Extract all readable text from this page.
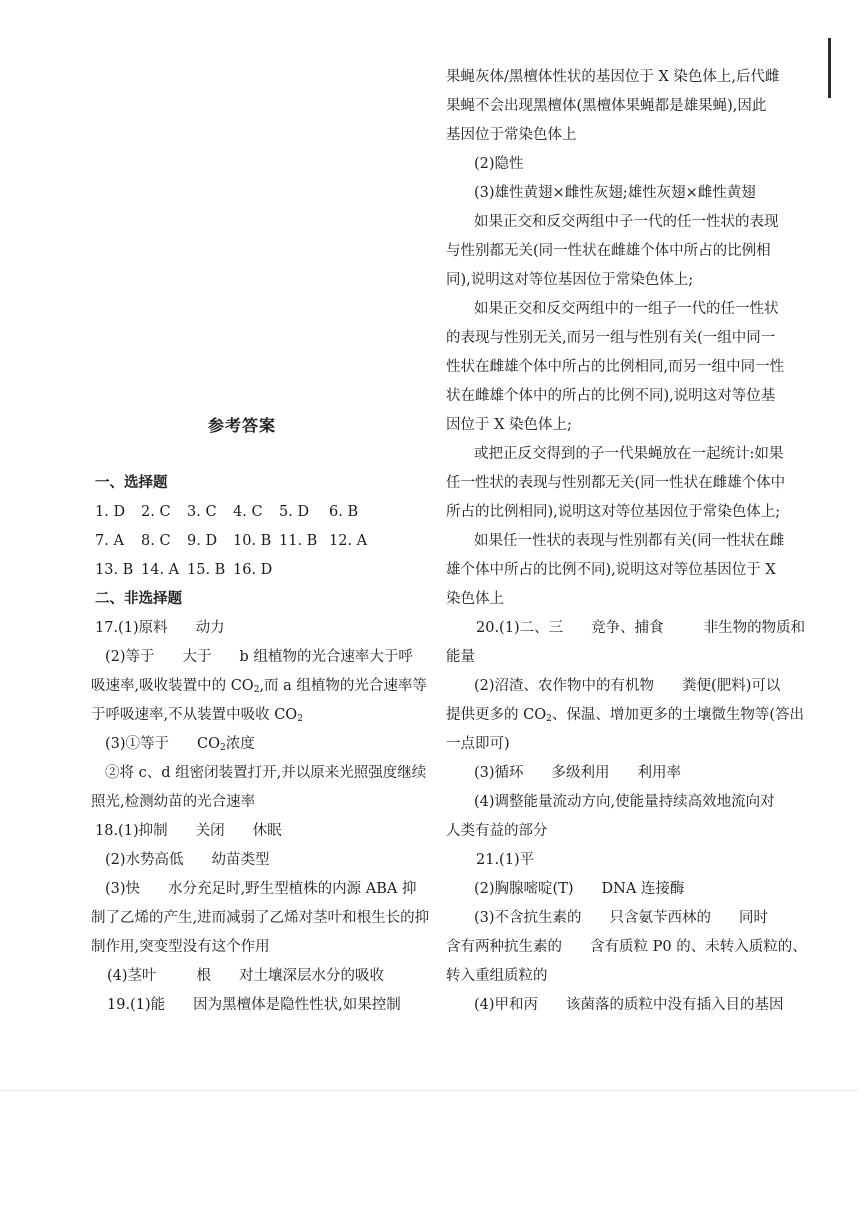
参考答案
一、选择题
1. D 2. C 3. C 4. C 5. D 6. B
7. A 8. C 9. D 10. B 11. B 12. A
13. B 14. A 15. B 16. D
二、非选择题
17.(1)原料 动力
(2)等于 大于 b 组植物的光合速率大于呼
吸速率,吸收装置中的 $CO_2$,而 a 组植物的光合速率等
于呼吸速率,不从装置中吸收 $CO_2$
(3)①等于 $CO_2$浓度
②将 c、d 组密闭装置打开,并以原来光照强度继续
照光,检测幼苗的光合速率
18.(1)抑制 关闭 休眠
(2)水势高低 幼苗类型
(3)快 水分充足时,野生型植株的内源 ABA 抑
制了乙烯的产生,进而减弱了乙烯对茎叶和根生长的抑
制作用,突变型没有这个作用
(4)茎叶	根 对土壤深层水分的吸收
19.(1)能 因为黑檀体是隐性性状,如果控制
果蝇灰体/黑檀体性状的基因位于 X 染色体上,后代雌
果蝇不会出现黑檀体(黑檀体果蝇都是雄果蝇),因此
基因位于常染色体上
(2)隐性
(3)雄性黄翅×雌性灰翅;雄性灰翅×雌性黄翅
如果正交和反交两组中子一代的任一性状的表现
与性别都无关(同一性状在雌雄个体中所占的比例相
同),说明这对等位基因位于常染色体上;
如果正交和反交两组中的一组子一代的任一性状
的表现与性别无关,而另一组与性别有关(一组中同一
性状在雌雄个体中所占的比例相同,而另一组中同一性
状在雌雄个体中的所占的比例不同),说明这对等位基
因位于 X 染色体上;
或把正反交得到的子一代果蝇放在一起统计:如果
任一性状的表现与性别都无关(同一性状在雌雄个体中
所占的比例相同),说明这对等位基因位于常染色体上;
如果任一性状的表现与性别都有关(同一性状在雌
雄个体中所占的比例不同),说明这对等位基因位于 X
染色体上
20.(1)二、三 竞争、捕食	非生物的物质和
能量
(2)沼渣、农作物中的有机物 粪便(肥料)可以
提供更多的 $CO_2$、保温、增加更多的土壤微生物等(答出
一点即可)
(3)循环 多级利用 利用率
(4)调整能量流动方向,使能量持续高效地流向对
人类有益的部分
21.(1)平
(2)胸腺嘧啶(T) DNA 连接酶
(3)不含抗生素的 只含氨苄西林的 同时
含有两种抗生素的 含有质粒 P0 的、未转入质粒的、
转入重组质粒的
(4)甲和丙 该菌落的质粒中没有插入目的基因
